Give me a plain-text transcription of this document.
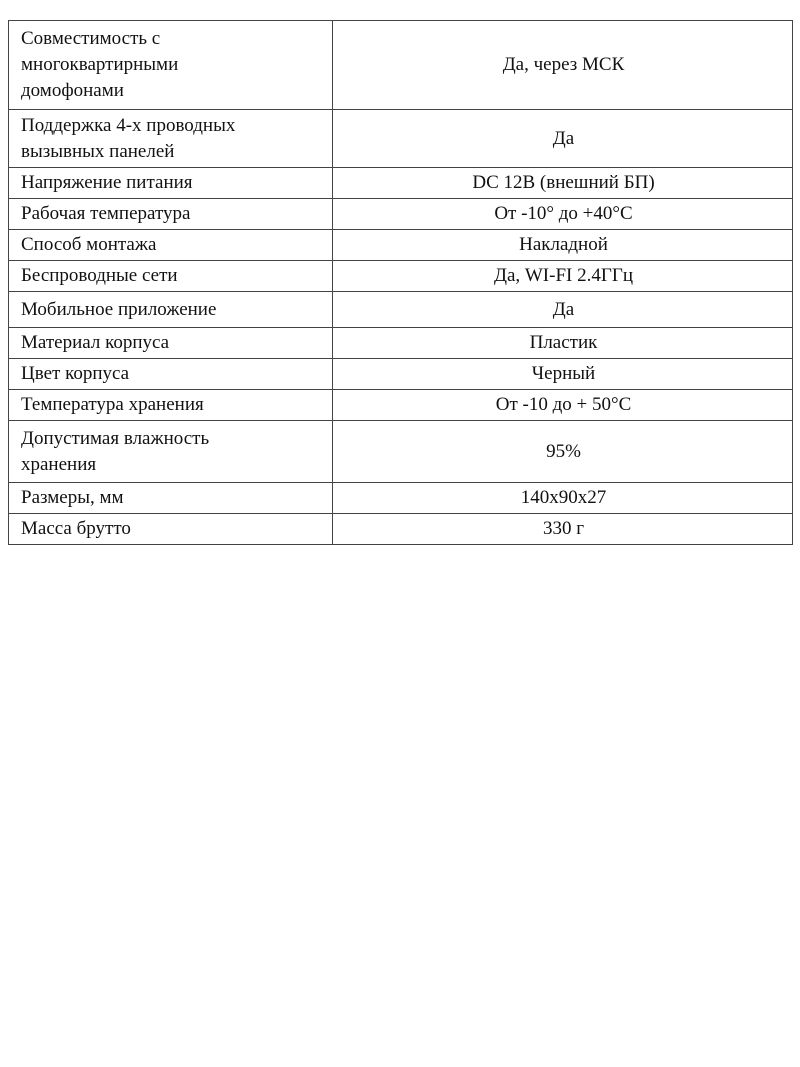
Совместимость с многоквартирными домофонами	Да, через МСК
Поддержка 4-х проводных вызывных панелей	Да
Напряжение питания	DC 12В (внешний БП)
Рабочая температура	От -10° до +40°С
Способ монтажа	Накладной
Беспроводные сети	Да, WI-FI 2.4ГГц
Мобильное приложение	Да
Материал корпуса	Пластик
Цвет корпуса	Черный
Температура хранения	От -10 до + 50°С
Допустимая влажность хранения	95%
Размеры, мм	140x90x27
Масса брутто	330 г
